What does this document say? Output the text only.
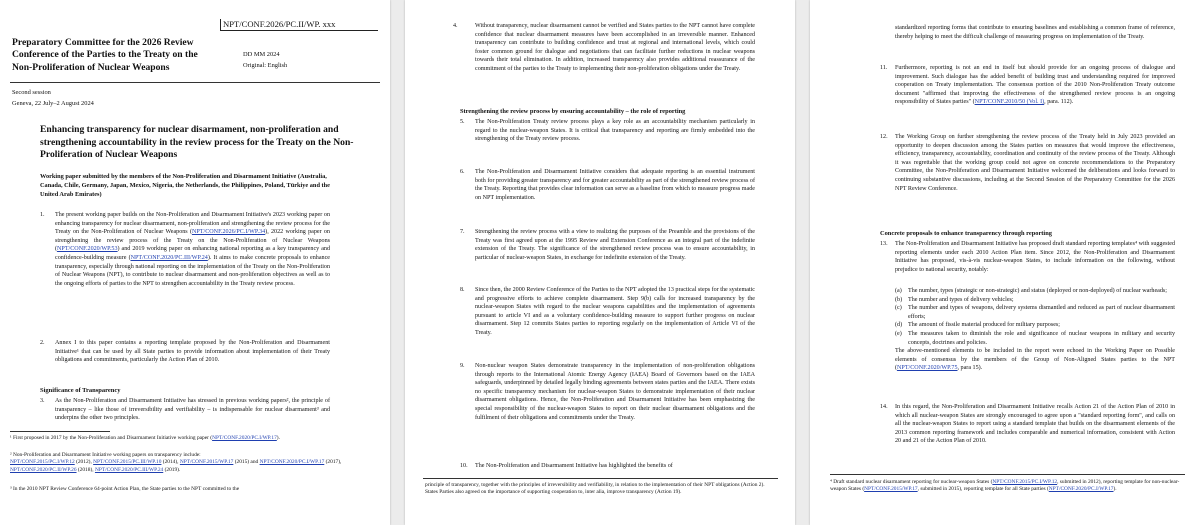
NPT/CONF.2026/PC.II/WP. xxx
Preparatory Committee for the 2026 Review Conference of the Parties to the Treaty on the Non-Proliferation of Nuclear Weapons
DD MM 2024
Original: English
Second session
Geneva, 22 July–2 August 2024
Enhancing transparency for nuclear disarmament, non-proliferation and strengthening accountability in the review process for the Treaty on the Non-Proliferation of Nuclear Weapons
Working paper submitted by the members of the Non-Proliferation and Disarmament Initiative (Australia, Canada, Chile, Germany, Japan, Mexico, Nigeria, the Netherlands, the Philippines, Poland, Türkiye and the United Arab Emirates)
1. The present working paper builds on the Non-Proliferation and Disarmament Initiative's 2023 working paper on enhancing transparency for nuclear disarmament, non-proliferation and strengthening the review process for the Treaty on the Non-Proliferation of Nuclear Weapons (NPT/CONF.2026/PC.I/WP.34), 2022 working paper on strengthening the review process of the Treaty on the Non-Proliferation of Nuclear Weapons (NPT/CONF.2020/WP.53) and 2019 working paper on enhancing national reporting as a key transparency and confidence-building measure (NPT/CONF.2020/PC.III/WP.24). It aims to make concrete proposals to enhance transparency, especially through national reporting on the implementation of the Treaty on the Non-Proliferation of Nuclear Weapons (NPT), to contribute to nuclear disarmament and non-proliferation objectives as well as to the ongoing efforts of parties to the NPT to strengthen accountability in the Treaty review process.
2. Annex I to this paper contains a reporting template proposed by the Non-Proliferation and Disarmament Initiative¹ that can be used by all State parties to provide information about implementation of their Treaty obligations and commitments, particularly the Action Plan of 2010.
Significance of Transparency
3. As the Non-Proliferation and Disarmament Initiative has stressed in previous working papers², the principle of transparency – like those of irreversibility and verifiability – is indispensable for nuclear disarmament³ and underpins the other two principles.
¹ First proposed in 2017 by the Non-Proliferation and Disarmament Initiative working paper (NPT/CONF.2020/PC.I/WP.17).
² Non-Proliferation and Disarmament Initiative working papers on transparency include:
NPT/CONF.2015/PC.I/WP.12 (2012), NPT/CONF.2015/PC.III/WP.10 (2014), NPT/CONF.2015/WP.17 (2015) and NPT/CONF.2020/PC.I/WP.17 (2017), NPT/CONF.2020/PC.II/WP.26 (2018), NPT/CONF.2020/PC.III/WP.24 (2019).
³ In the 2010 NPT Review Conference 64-point Action Plan, the State parties to the NPT committed to the
4.	Without transparency, nuclear disarmament cannot be verified and States parties to the NPT cannot have complete confidence that nuclear disarmament measures have been accomplished in an irreversible manner. Enhanced transparency can contribute to building confidence and trust at regional and international levels, which could foster common ground for dialogue and negotiations that can facilitate further reductions in nuclear weapons towards their total elimination. In addition, increased transparency also provides additional reassurance of the commitment of the parties to the Treaty to implementing their non-proliferation obligations under the Treaty.
Strengthening the review process by ensuring accountability – the role of reporting
5. The Non-Proliferation Treaty review process plays a key role as an accountability mechanism particularly in regard to the nuclear-weapon States. It is critical that transparency and reporting are firmly embedded into the strengthening of the Treaty review process.
6. The Non-Proliferation and Disarmament Initiative considers that adequate reporting is an essential instrument both for providing greater transparency and for greater accountability as part of the strengthened review process of the Treaty. Reporting that provides clear information can serve as a baseline from which to measure progress made on NPT implementation.
7. Strengthening the review process with a view to realizing the purposes of the Preamble and the provisions of the Treaty was first agreed upon at the 1995 Review and Extension Conference as an integral part of the indefinite extension of the Treaty. The significance of the strengthened review process was to ensure accountability, in particular of nuclear-weapon States, in exchange for indefinite extension of the Treaty.
8. Since then, the 2000 Review Conference of the Parties to the NPT adopted the 13 practical steps for the systematic and progressive efforts to achieve complete disarmament. Step 9(b) calls for increased transparency by the nuclear-weapon States with regard to the nuclear weapons capabilities and the implementation of agreements pursuant to article VI and as a voluntary confidence-building measure to support further progress on nuclear disarmament. Step 12 commits States parties to reporting regularly on the implementation of Article VI of the Treaty.
9. Non-nuclear weapon States demonstrate transparency in the implementation of non-proliferation obligations through reports to the International Atomic Energy Agency (IAEA) Board of Governors based on the IAEA safeguards, underpinned by detailed legally binding agreements between states parties and the IAEA. There exists no specific transparency mechanism for nuclear-weapon States to demonstrate implementation of their nuclear disarmament obligations. Hence, the Non-Proliferation and Disarmament Initiative has been emphasizing the special responsibility of the nuclear-weapon States to report on their nuclear disarmament obligations and the fulfilment of their obligations and commitments under the Treaty.
10. The Non-Proliferation and Disarmament Initiative has highlighted the benefits of
principle of transparency, together with the principles of irreversibility and verifiability, in relation to the implementation of their NPT obligations (Action 2). States Parties also agreed on the importance of supporting cooperation to, inter alia, improve transparency (Action 19).
standardized reporting forms that contribute to ensuring baselines and establishing a common frame of reference, thereby helping to meet the difficult challenge of measuring progress on implementation of the Treaty.
11. Furthermore, reporting is not an end in itself but should provide for an ongoing process of dialogue and improvement. Such dialogue has the added benefit of building trust and understanding required for improved cooperation on Treaty implementation. The consensus portion of the 2010 Non-Proliferation Treaty outcome document "affirmed that improving the effectiveness of the strengthened review process is an ongoing responsibility of States parties" (NPT/CONF.2010/50 (Vol. I), para. 112).
12. The Working Group on further strengthening the review process of the Treaty held in July 2023 provided an opportunity to deepen discussion among the States parties on measures that would improve the effectiveness, efficiency, transparency, accountability, coordination and continuity of the review process of the Treaty. Although it was regrettable that the working group could not agree on concrete recommendations to the Preparatory Committee, the Non-Proliferation and Disarmament Initiative welcomed the deliberations and looks forward to continuing substantive discussions, including at the Second Session of the Preparatory Committee for the 2026 NPT Review Conference.
Concrete proposals to enhance transparency through reporting
13. The Non-Proliferation and Disarmament Initiative has proposed draft standard reporting templates⁴ with suggested reporting elements under each 2010 Action Plan item. Since 2012, the Non-Proliferation and Disarmament Initiative has proposed, vis-à-vis nuclear-weapon States, to include information on the following, without prejudice to national security, notably:
(a)	The number, types (strategic or non-strategic) and status (deployed or non-deployed) of nuclear warheads;
(b) The number and types of delivery vehicles;
(c)	The number and types of weapons, delivery systems dismantled and reduced as part of nuclear disarmament efforts;
(d) The amount of fissile material produced for military purposes;
(e)	The measures taken to diminish the role and significance of nuclear weapons in military and security concepts, doctrines and policies.
The above-mentioned elements to be included in the report were echoed in the Working Paper on Possible elements of consensus by the members of the Group of Non-Aligned States parties to the NPT (NPT/CONF.2020/WP.75, para 15).
14. In this regard, the Non-Proliferation and Disarmament Initiative recalls Action 21 of the Action Plan of 2010 in which all nuclear-weapon States are strongly encouraged to agree upon a "standard reporting form", and calls on all the nuclear-weapon States to report using a standard template that builds on the disarmament elements of the 2013 common reporting framework and includes comparable and numerical information, consistent with Action 20 and 21 of the Action Plan of 2010.
⁴ Draft standard nuclear disarmament reporting for nuclear-weapon States (NPT/CONF.2015/PC.I/WP.12, submitted in 2012), reporting template for non-nuclear-weapon States (NPT/CONF.2015/WP.17, submitted in 2015), reporting template for all State parties (NPT/CONF.2020/PC.I/WP.17).
